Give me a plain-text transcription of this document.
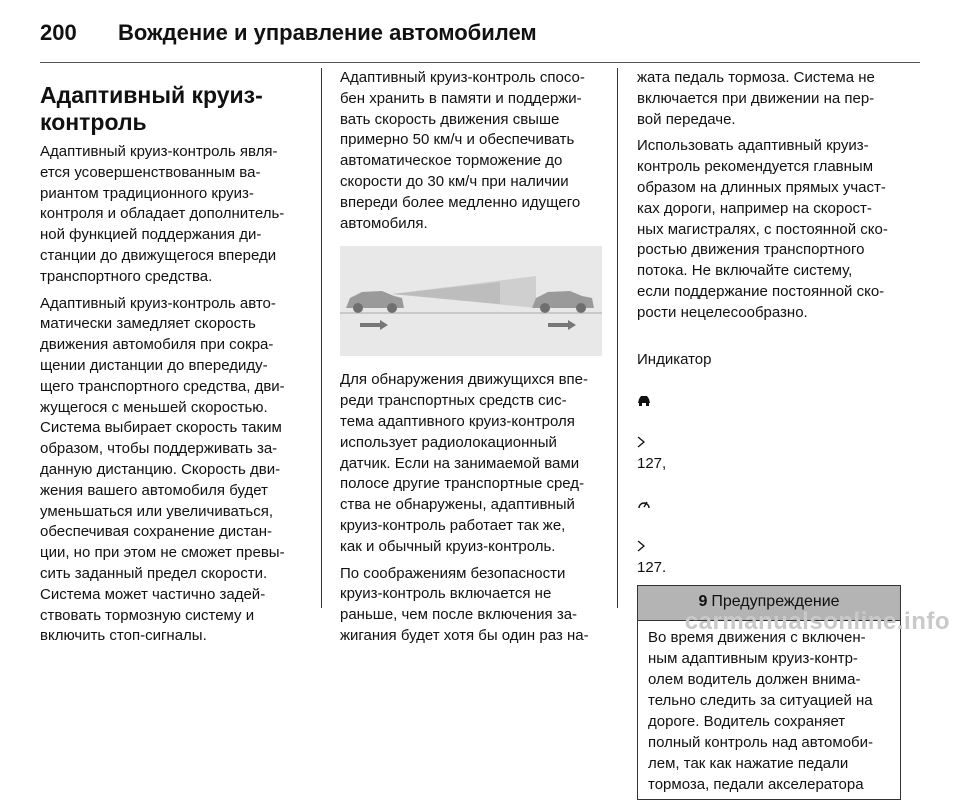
200 Вождение и управление автомобилем
Адаптивный круиз-
контроль

Адаптивный круиз-контроль явля-
ется усовершенствованным ва-
риантом традиционного круиз-
контроля и обладает дополнитель-
ной функцией поддержания ди-
станции до движущегося впереди
транспортного средства.

Адаптивный круиз-контроль авто-
матически замедляет скорость
движения автомобиля при сокра-
щении дистанции до впередиду-
щего транспортного средства, дви-
жущегося с меньшей скоростью.
Система выбирает скорость таким
образом, чтобы поддерживать за-
данную дистанцию. Скорость дви-
жения вашего автомобиля будет
уменьшаться или увеличиваться,
обеспечивая сохранение дистан-
ции, но при этом не сможет превы-
сить заданный предел скорости.
Система может частично задей-
ствовать тормозную систему и
включить стоп-сигналы.

Адаптивный круиз-контроль спосо-
бен хранить в памяти и поддержи-
вать скорость движения свыше
примерно 50 км/ч и обеспечивать
автоматическое торможение до
скорости до 30 км/ч при наличии
впереди более медленно идущего
автомобиля.

Для обнаружения движущихся впе-
реди транспортных средств сис-
тема адаптивного круиз-контроля
использует радиолокационный
датчик. Если на занимаемой вами
полосе другие транспортные сред-
ства не обнаружены, адаптивный
круиз-контроль работает так же,
как и обычный круиз-контроль.

По соображениям безопасности
круиз-контроль включается не
раньше, чем после включения за-
жигания будет хотя бы один раз на-

жата педаль тормоза. Система не
включается при движении на пер-
вой передаче.

Использовать адаптивный круиз-
контроль рекомендуется главным
образом на длинных прямых участ-
ках дороги, например на скорост-
ных магистралях, с постоянной ско-
ростью движения транспортного
потока. Не включайте систему,
если поддержание постоянной ско-
рости нецелесообразно.

Индикатор

127,

127.

9 Предупреждение
Во время движения с включен-
ным адаптивным круиз-контр-
олем водитель должен внима-
тельно следить за ситуацией на
дороге. Водитель сохраняет
полный контроль над автомоби-
лем, так как нажатие педали
тормоза, педали акселератора
carmanualsonline.info
